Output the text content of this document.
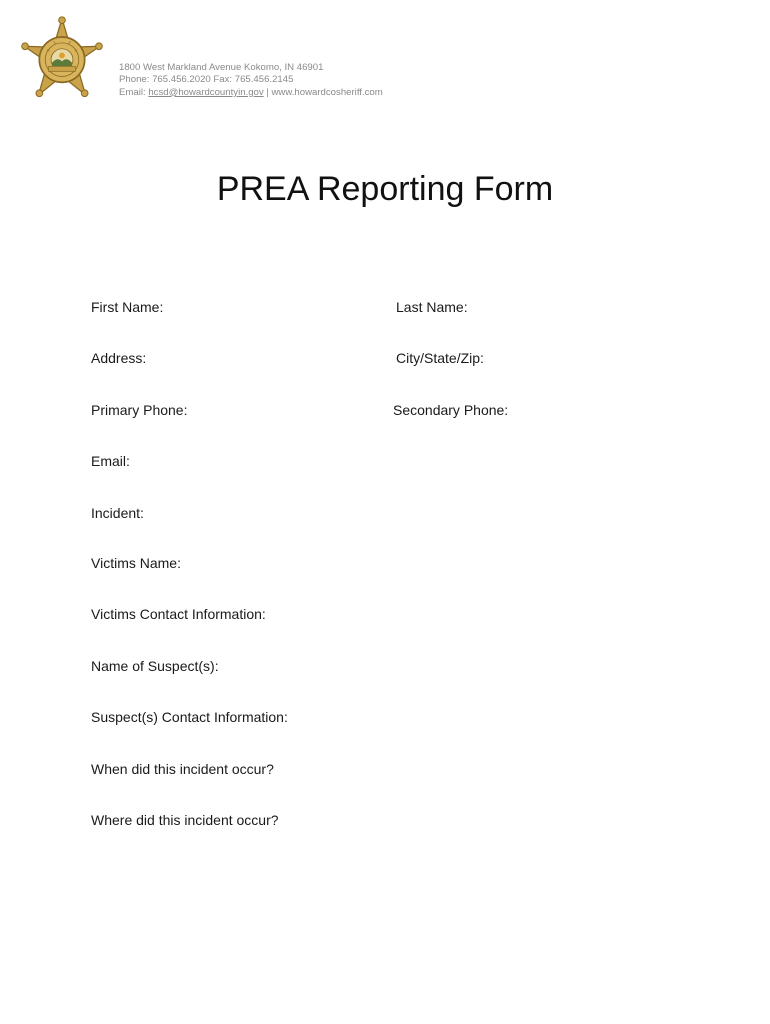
1800 West Markland Avenue Kokomo, IN 46901
Phone: 765.456.2020 Fax: 765.456.2145
Email: hcsd@howardcountyin.gov | www.howardcosheriff.com
PREA Reporting Form
First Name:	Last Name:
Address:	City/State/Zip:
Primary Phone:	Secondary Phone:
Email:
Incident:
Victims Name:
Victims Contact Information:
Name of Suspect(s):
Suspect(s) Contact Information:
When did this incident occur?
Where did this incident occur?
